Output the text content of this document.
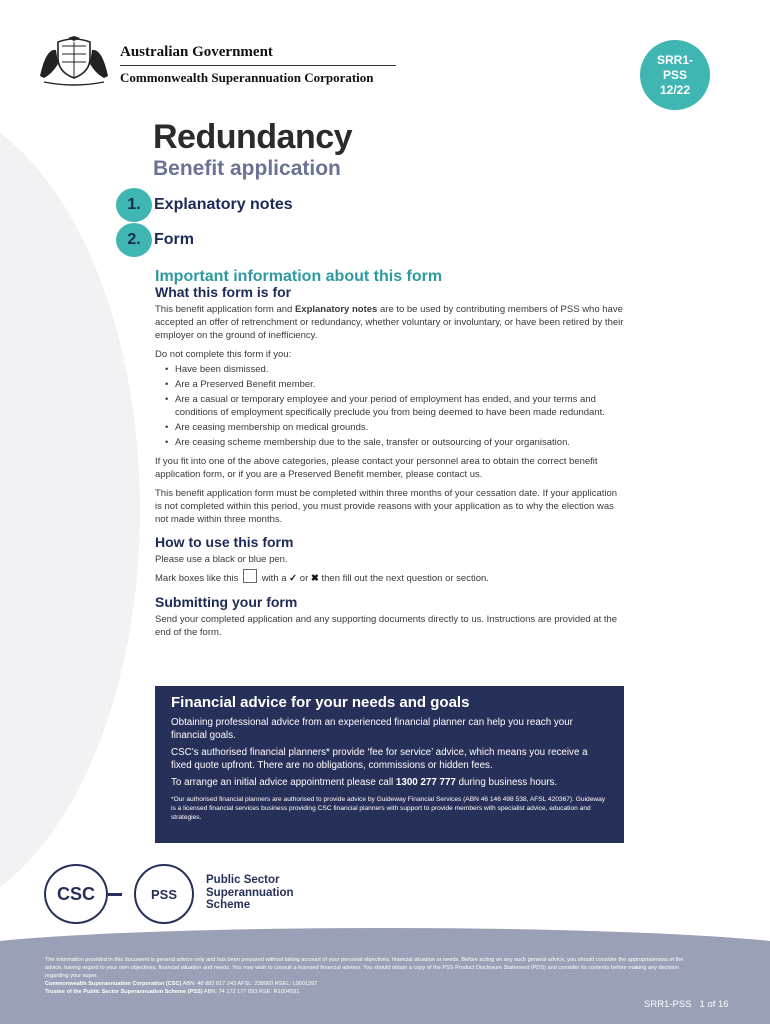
Australian Government
Commonwealth Superannuation Corporation
SRR1-
PSS
12/22
Redundancy
Benefit application
1. Explanatory notes
2. Form
Important information about this form
What this form is for

This benefit application form and Explanatory notes are to be used by contributing members of PSS who have accepted an offer of retrenchment or redundancy, whether voluntary or involuntary, or have been retired by their employer on the ground of inefficiency.

Do not complete this form if you:

• Have been dismissed.
• Are a Preserved Benefit member.
• Are a casual or temporary employee and your period of employment has ended, and your terms and conditions of employment specifically preclude you from being deemed to have been made redundant.
• Are ceasing membership on medical grounds.
• Are ceasing scheme membership due to the sale, transfer or outsourcing of your organisation.

If you fit into one of the above categories, please contact your personnel area to obtain the correct benefit application form, or if you are a Preserved Benefit member, please contact us.

This benefit application form must be completed within three months of your cessation date. If your application is not completed within this period, you must provide reasons with your application as to why the election was not made within three months.

How to use this form

Please use a black or blue pen.

Mark boxes like this with a ✓ or ✖ then fill out the next question or section.

Submitting your form

Send your completed application and any supporting documents directly to us. Instructions are provided at the end of the form.

Financial advice for your needs and goals

Obtaining professional advice from an experienced financial planner can help you reach your financial goals.

CSC’s authorised financial planners* provide ‘fee for service’ advice, which means you receive a fixed quote upfront. There are no obligations, commissions or hidden fees.

To arrange an initial advice appointment please call 1300 277 777 during business hours.

*Our authorised financial planners are authorised to provide advice by Guideway Financial Services (ABN 46 146 498 538, AFSL 420367). Guideway is a licensed financial services business providing CSC financial planners with support to provide members with specialist advice, education and strategies.

CSC	PSS
Public Sector
Superannuation
Scheme
The information provided in this document is general advice only and has been prepared without taking account of your personal objectives, financial situation or needs. Before acting on any such general advice, you should consider the appropriateness of the advice, having regard to your own objectives, financial situation and needs. You may wish to consult a licensed financial advisor. You should obtain a copy of the PSS Product Disclosure Statement (PDS) and consider its contents before making any decision regarding your super.
Commonwealth Superannuation Corporation (CSC) ABN: 48 882 817 243 AFSL: 238069 RSEL: L0001397
Trustee of the Public Sector Superannuation Scheme (PSS) ABN: 74 172 177 893 RSE: R1004591
SRR1-PSS 1 of 16
